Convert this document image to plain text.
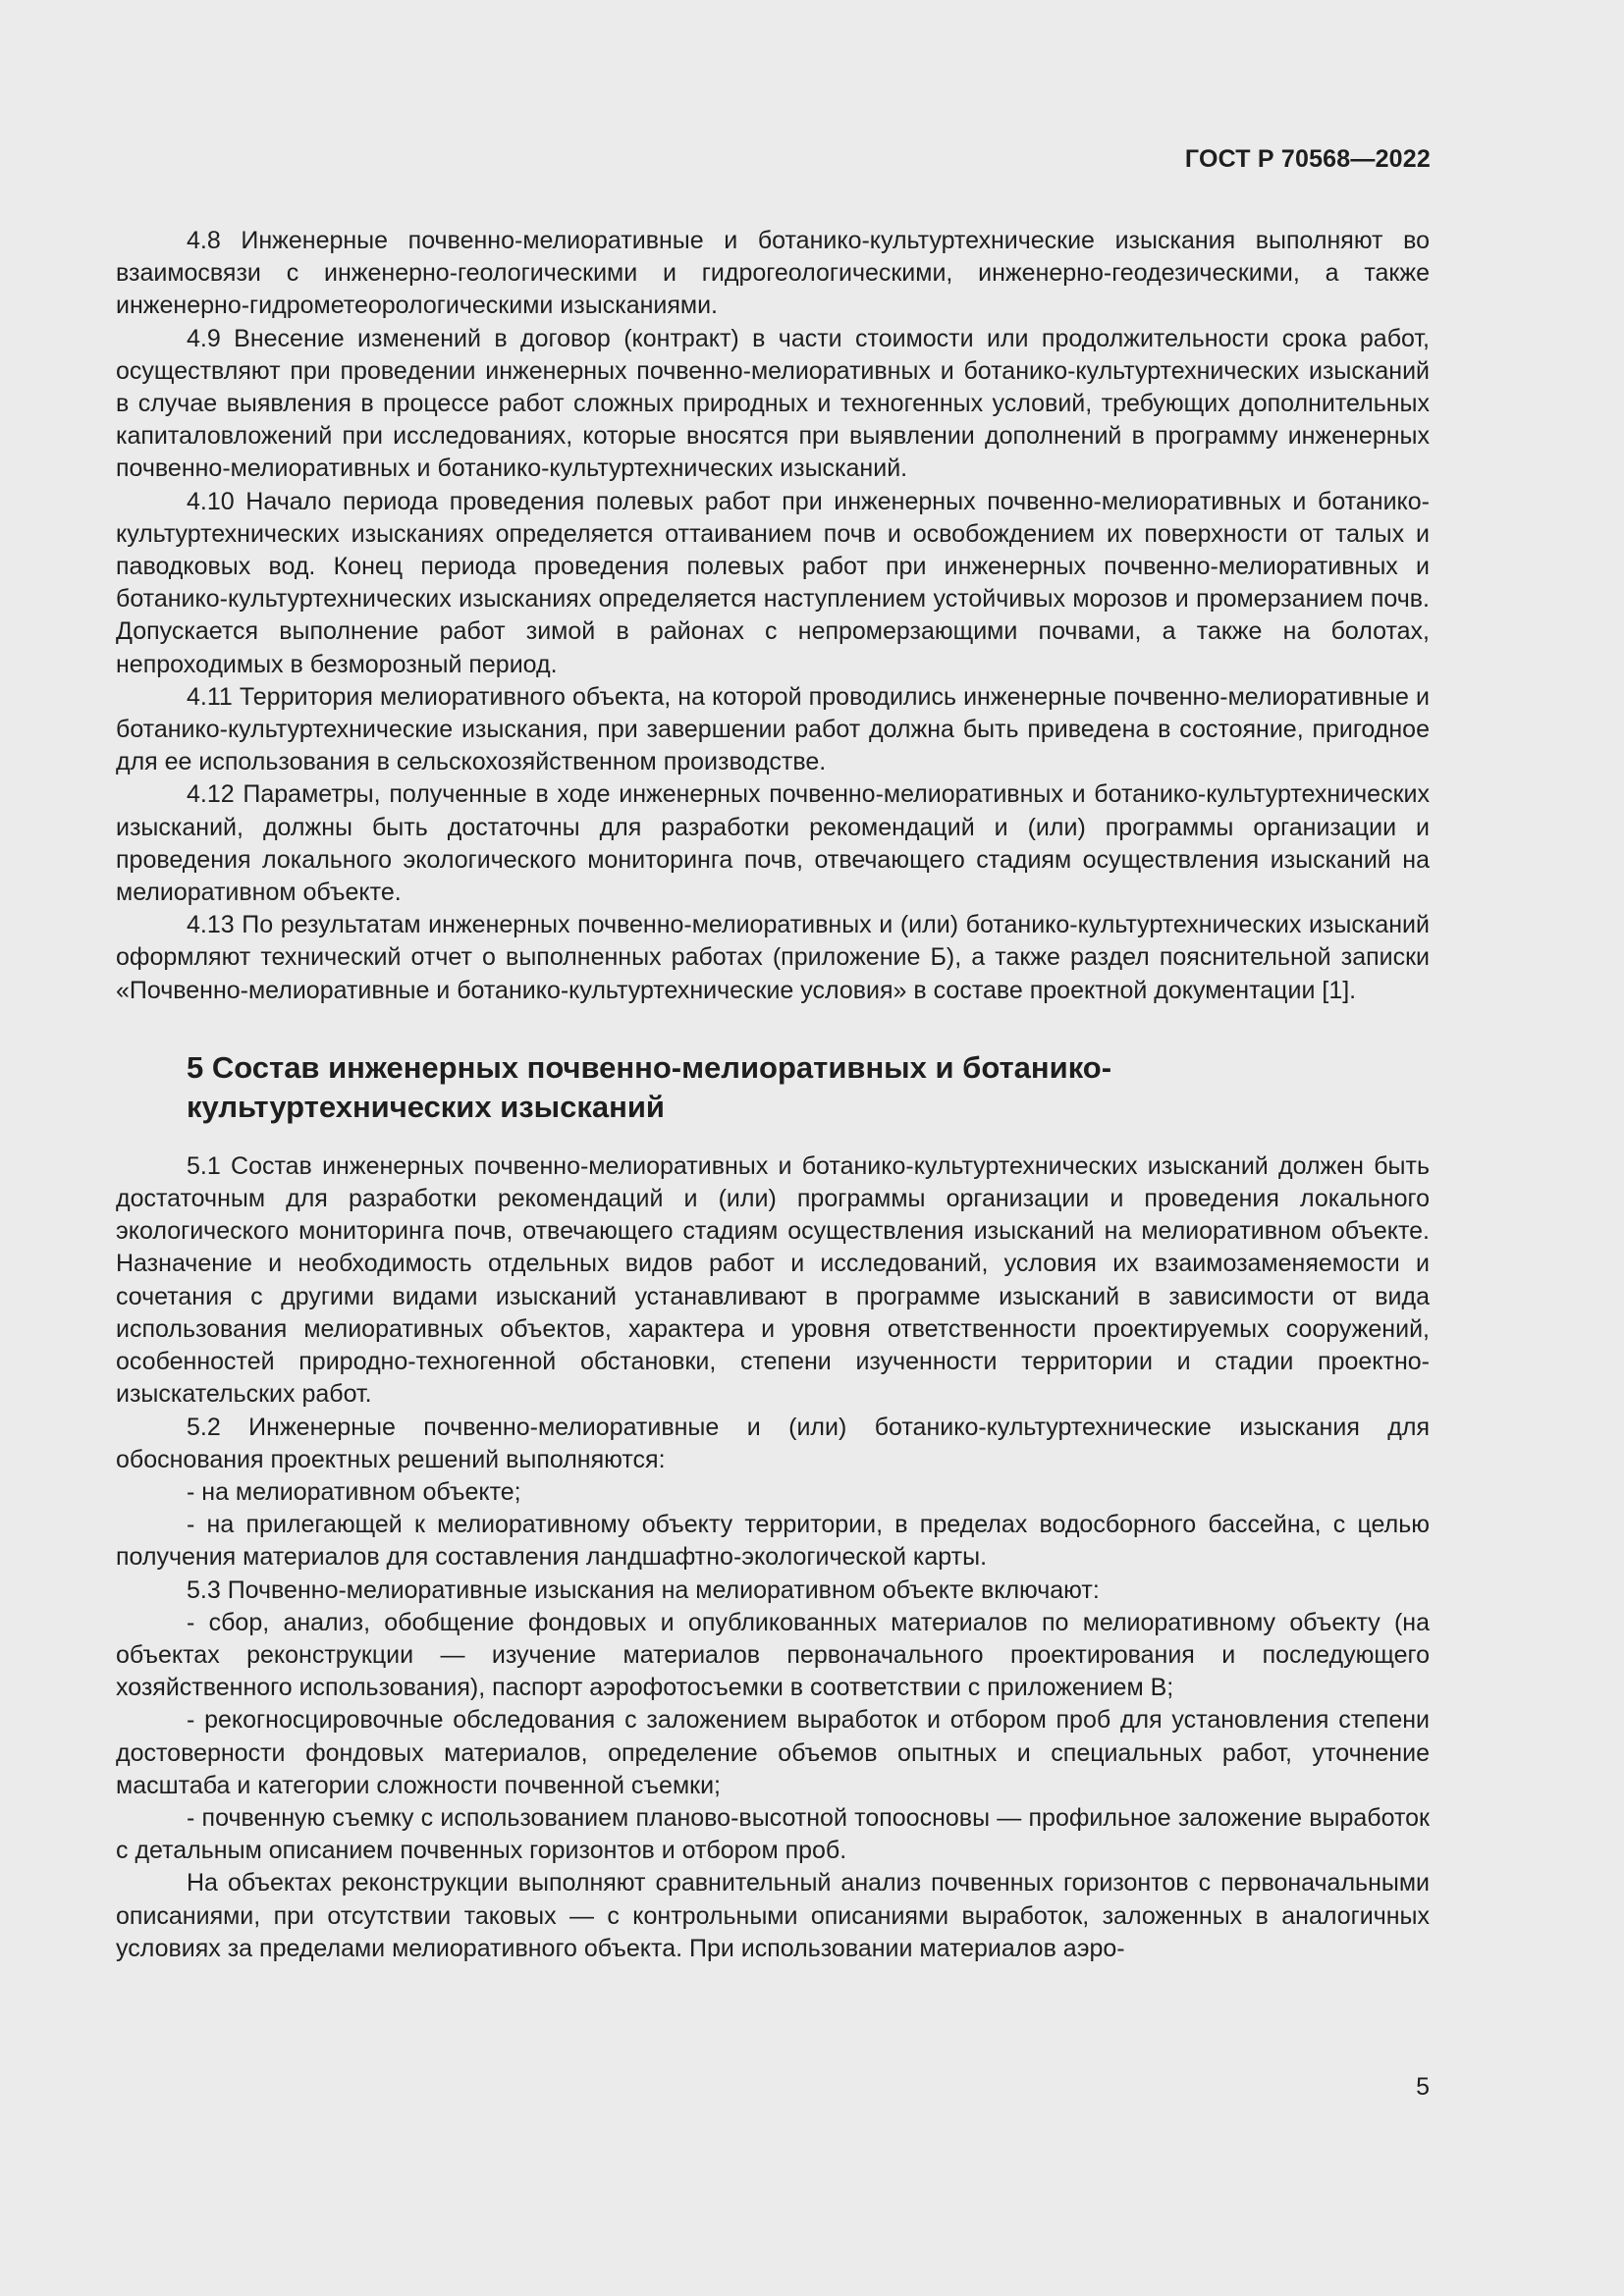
ГОСТ Р 70568—2022

4.8 Инженерные почвенно-мелиоративные и ботанико-культуртехнические изыскания выполняют во взаимосвязи с инженерно-геологическими и гидрогеологическими, инженерно-геодезическими, а также инженерно-гидрометеорологическими изысканиями.

4.9 Внесение изменений в договор (контракт) в части стоимости или продолжительности срока работ, осуществляют при проведении инженерных почвенно-мелиоративных и ботанико-культуртехнических изысканий в случае выявления в процессе работ сложных природных и техногенных условий, требующих дополнительных капиталовложений при исследованиях, которые вносятся при выявлении дополнений в программу инженерных почвенно-мелиоративных и ботанико-культуртехнических изысканий.

4.10 Начало периода проведения полевых работ при инженерных почвенно-мелиоративных и ботанико-культуртехнических изысканиях определяется оттаиванием почв и освобождением их поверхности от талых и паводковых вод. Конец периода проведения полевых работ при инженерных почвенно-мелиоративных и ботанико-культуртехнических изысканиях определяется наступлением устойчивых морозов и промерзанием почв. Допускается выполнение работ зимой в районах с непромерзающими почвами, а также на болотах, непроходимых в безморозный период.

4.11 Территория мелиоративного объекта, на которой проводились инженерные почвенно-мелиоративные и ботанико-культуртехнические изыскания, при завершении работ должна быть приведена в состояние, пригодное для ее использования в сельскохозяйственном производстве.

4.12 Параметры, полученные в ходе инженерных почвенно-мелиоративных и ботанико-культуртехнических изысканий, должны быть достаточны для разработки рекомендаций и (или) программы организации и проведения локального экологического мониторинга почв, отвечающего стадиям осуществления изысканий на мелиоративном объекте.

4.13 По результатам инженерных почвенно-мелиоративных и (или) ботанико-культуртехнических изысканий оформляют технический отчет о выполненных работах (приложение Б), а также раздел пояснительной записки «Почвенно-мелиоративные и ботанико-культуртехнические условия» в составе проектной документации [1].

5 Состав инженерных почвенно-мелиоративных и ботанико-
культуртехнических изысканий

5.1 Состав инженерных почвенно-мелиоративных и ботанико-культуртехнических изысканий должен быть достаточным для разработки рекомендаций и (или) программы организации и проведения локального экологического мониторинга почв, отвечающего стадиям осуществления изысканий на мелиоративном объекте. Назначение и необходимость отдельных видов работ и исследований, условия их взаимозаменяемости и сочетания с другими видами изысканий устанавливают в программе изысканий в зависимости от вида использования мелиоративных объектов, характера и уровня ответственности проектируемых сооружений, особенностей природно-техногенной обстановки, степени изученности территории и стадии проектно-изыскательских работ.

5.2 Инженерные почвенно-мелиоративные и (или) ботанико-культуртехнические изыскания для обоснования проектных решений выполняются:

- на мелиоративном объекте;

- на прилегающей к мелиоративному объекту территории, в пределах водосборного бассейна, с целью получения материалов для составления ландшафтно-экологической карты.

5.3 Почвенно-мелиоративные изыскания на мелиоративном объекте включают:

- сбор, анализ, обобщение фондовых и опубликованных материалов по мелиоративному объекту (на объектах реконструкции — изучение материалов первоначального проектирования и последующего хозяйственного использования), паспорт аэрофотосъемки в соответствии с приложением В;

- рекогносцировочные обследования с заложением выработок и отбором проб для установления степени достоверности фондовых материалов, определение объемов опытных и специальных работ, уточнение масштаба и категории сложности почвенной съемки;

- почвенную съемку с использованием планово-высотной топоосновы — профильное заложение выработок с детальным описанием почвенных горизонтов и отбором проб.

На объектах реконструкции выполняют сравнительный анализ почвенных горизонтов с первоначальными описаниями, при отсутствии таковых — с контрольными описаниями выработок, заложенных в аналогичных условиях за пределами мелиоративного объекта. При использовании материалов аэро-

5
